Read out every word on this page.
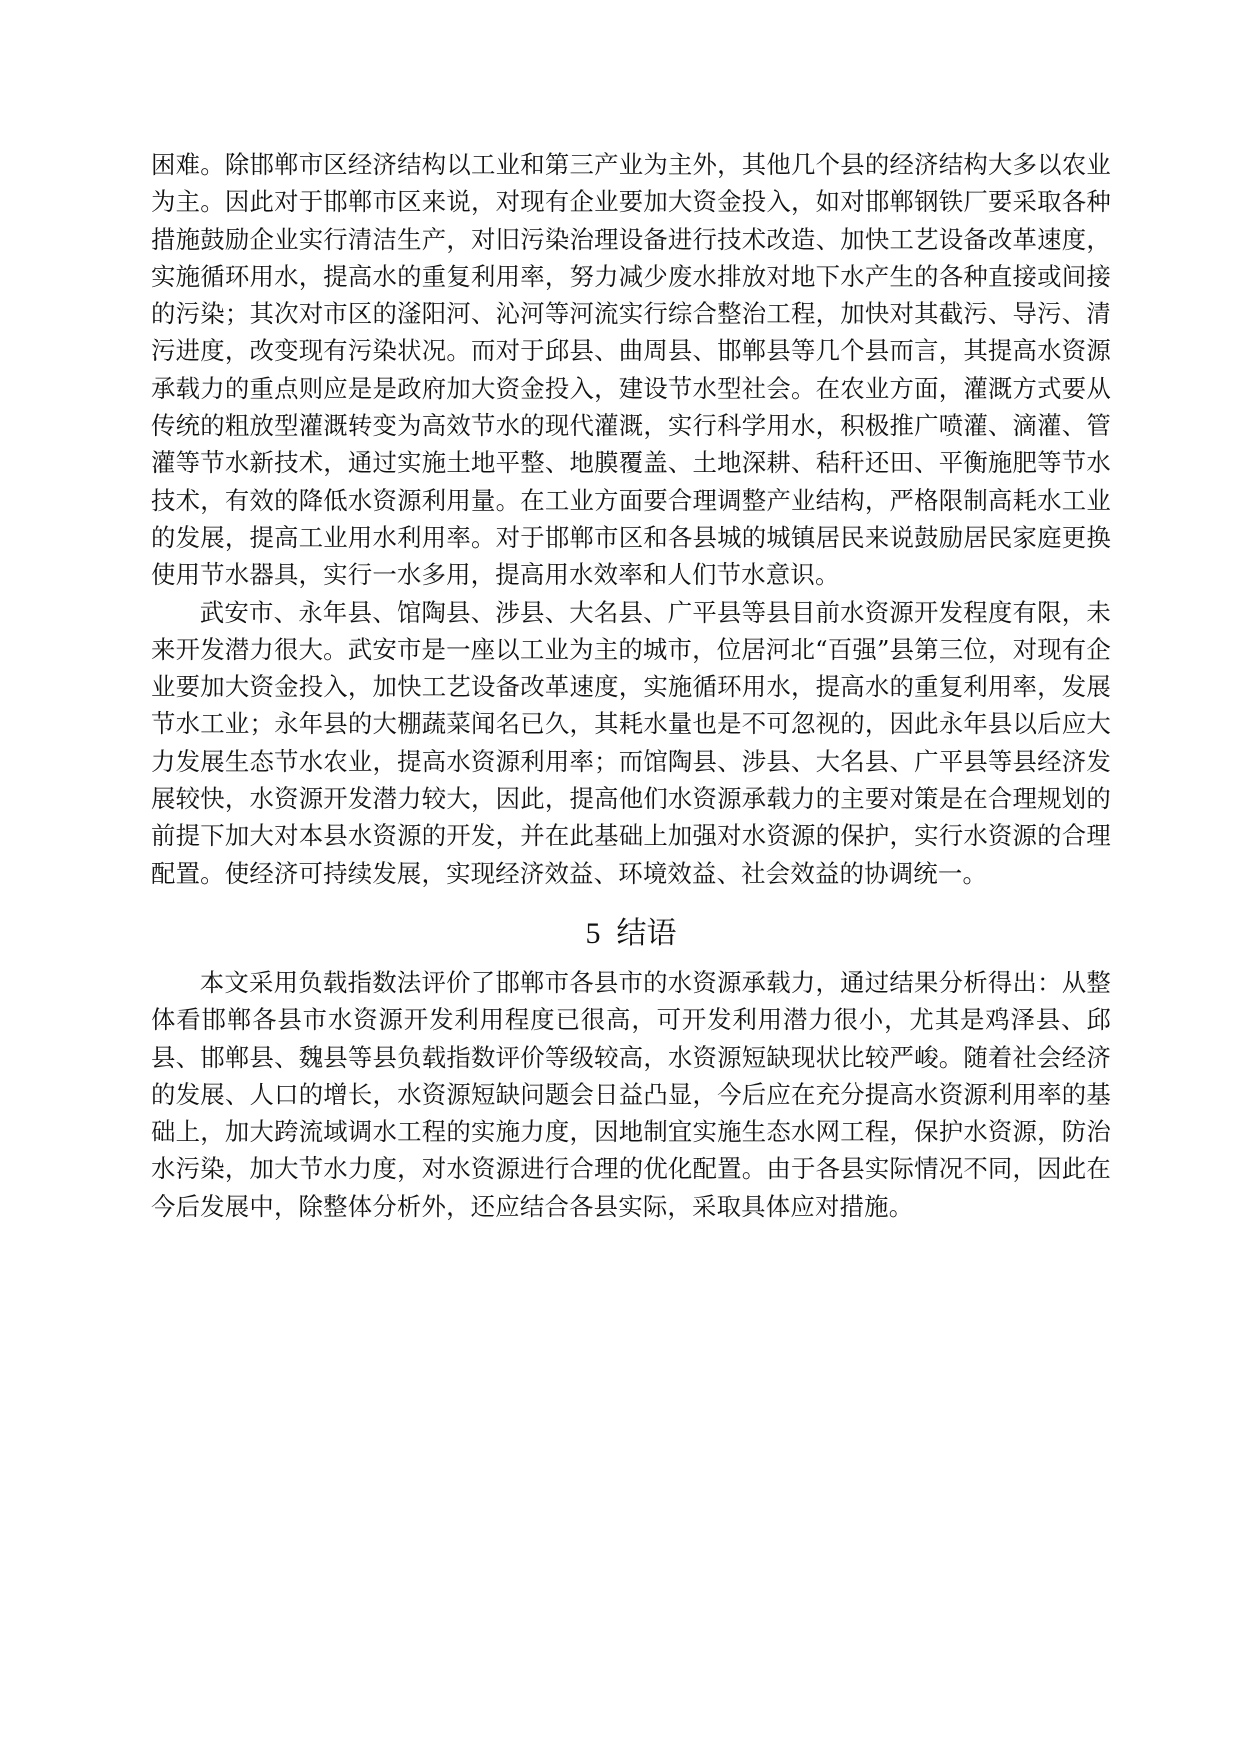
困难。除邯郸市区经济结构以工业和第三产业为主外，其他几个县的经济结构大多以农业为主。因此对于邯郸市区来说，对现有企业要加大资金投入，如对邯郸钢铁厂要采取各种措施鼓励企业实行清洁生产，对旧污染治理设备进行技术改造、加快工艺设备改革速度，实施循环用水，提高水的重复利用率，努力减少废水排放对地下水产生的各种直接或间接的污染；其次对市区的滏阳河、沁河等河流实行综合整治工程，加快对其截污、导污、清污进度，改变现有污染状况。而对于邱县、曲周县、邯郸县等几个县而言，其提高水资源承载力的重点则应是是政府加大资金投入，建设节水型社会。在农业方面，灌溉方式要从传统的粗放型灌溉转变为高效节水的现代灌溉，实行科学用水，积极推广喷灌、滴灌、管灌等节水新技术，通过实施土地平整、地膜覆盖、土地深耕、秸秆还田、平衡施肥等节水技术，有效的降低水资源利用量。在工业方面要合理调整产业结构，严格限制高耗水工业的发展，提高工业用水利用率。对于邯郸市区和各县城的城镇居民来说鼓励居民家庭更换使用节水器具，实行一水多用，提高用水效率和人们节水意识。

武安市、永年县、馆陶县、涉县、大名县、广平县等县目前水资源开发程度有限，未来开发潜力很大。武安市是一座以工业为主的城市，位居河北“百强”县第三位，对现有企业要加大资金投入，加快工艺设备改革速度，实施循环用水，提高水的重复利用率，发展节水工业；永年县的大棚蔬菜闻名已久，其耗水量也是不可忽视的，因此永年县以后应大力发展生态节水农业，提高水资源利用率；而馆陶县、涉县、大名县、广平县等县经济发展较快，水资源开发潜力较大，因此，提高他们水资源承载力的主要对策是在合理规划的前提下加大对本县水资源的开发，并在此基础上加强对水资源的保护，实行水资源的合理配置。使经济可持续发展，实现经济效益、环境效益、社会效益的协调统一。

5 结语

本文采用负载指数法评价了邯郸市各县市的水资源承载力，通过结果分析得出：从整体看邯郸各县市水资源开发利用程度已很高，可开发利用潜力很小，尤其是鸡泽县、邱县、邯郸县、魏县等县负载指数评价等级较高，水资源短缺现状比较严峻。随着社会经济的发展、人口的增长，水资源短缺问题会日益凸显，今后应在充分提高水资源利用率的基础上，加大跨流域调水工程的实施力度，因地制宜实施生态水网工程，保护水资源，防治水污染，加大节水力度，对水资源进行合理的优化配置。由于各县实际情况不同，因此在今后发展中，除整体分析外，还应结合各县实际，采取具体应对措施。
